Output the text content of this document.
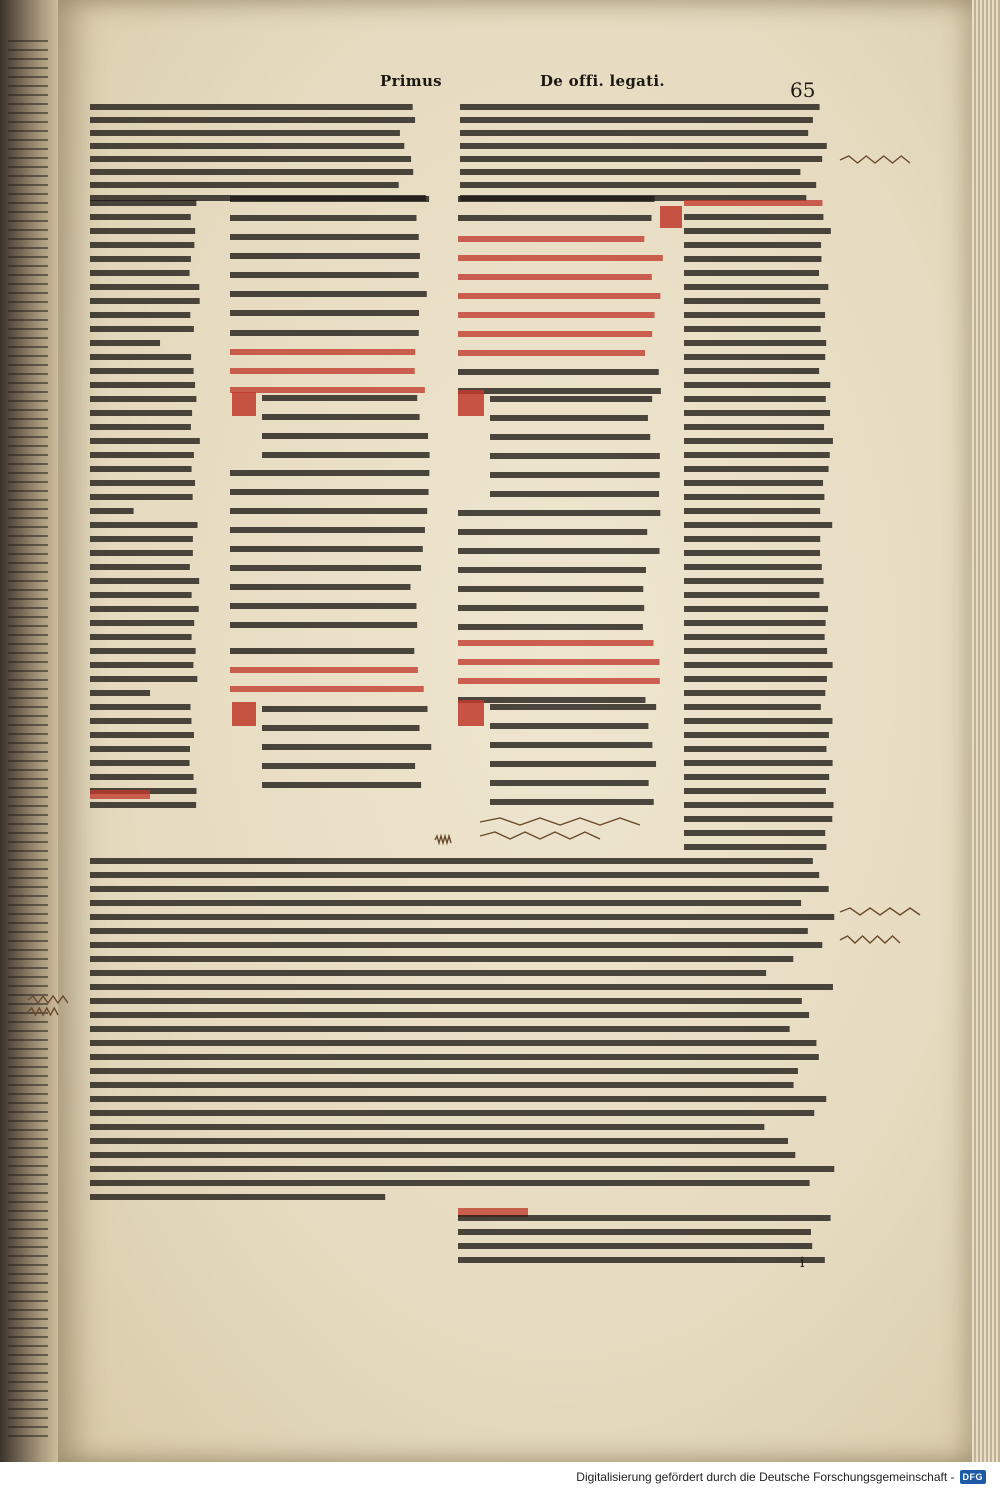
Primus	De offi. legati.	65
i
Digitalisierung gefördert durch die Deutsche Forschungsgemeinschaft - DFG
